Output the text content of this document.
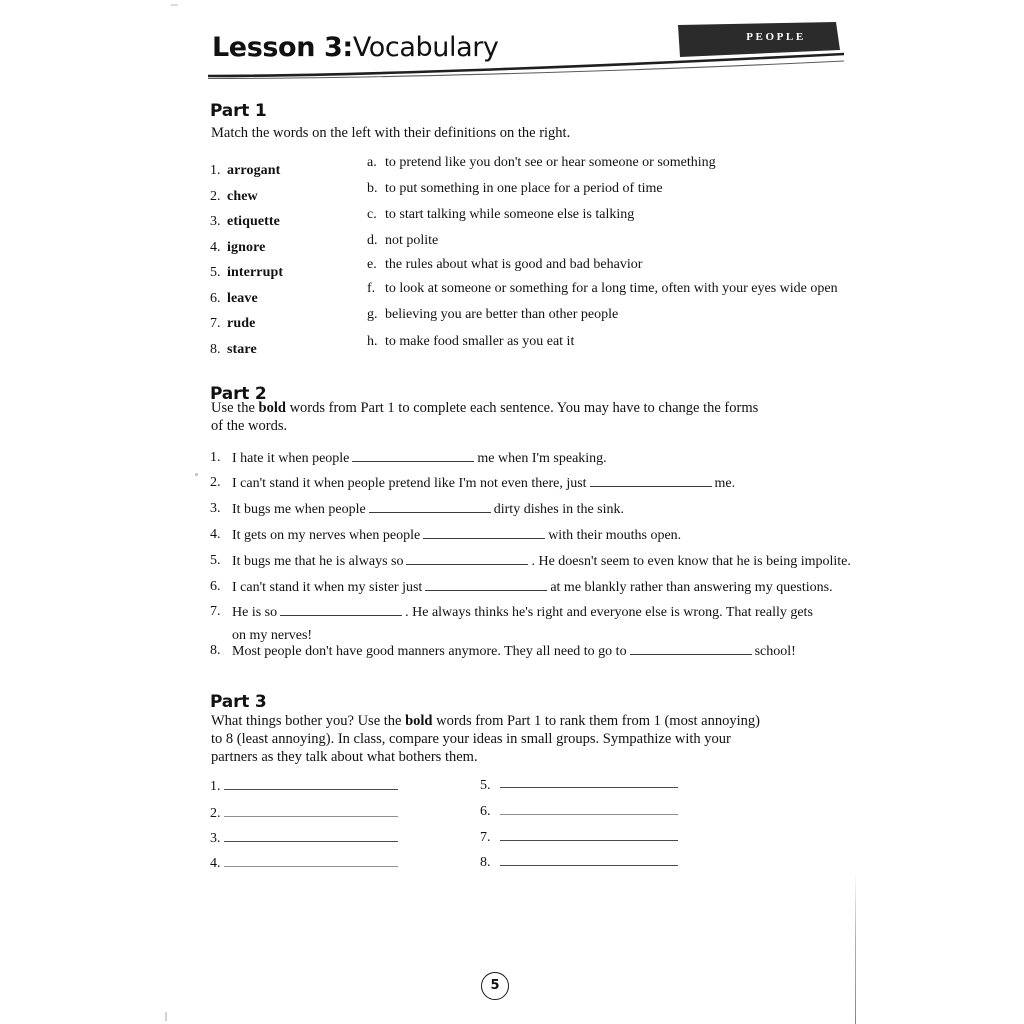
Lesson 3:Vocabulary	PEOPLE
Part 1
Match the words on the left with their definitions on the right.
1. arrogant
2. chew
3. etiquette
4. ignore
5. interrupt
6. leave
7. rude
8. stare
a. to pretend like you don't see or hear someone or something
b. to put something in one place for a period of time
c. to start talking while someone else is talking
d. not polite
e. the rules about what is good and bad behavior
f. to look at someone or something for a long time, often with your eyes wide open
g. believing you are better than other people
h. to make food smaller as you eat it
Part 2
Use the bold words from Part 1 to complete each sentence. You may have to change the forms of the words.
1. I hate it when people	me when I'm speaking.
2. I can't stand it when people pretend like I'm not even there, just	me.
3. It bugs me when people	dirty dishes in the sink.
4. It gets on my nerves when people	with their mouths open.
5. It bugs me that he is always so	. He doesn't seem to even know that he is being impolite.
6. I can't stand it when my sister just	at me blankly rather than answering my questions.
7. He is so	. He always thinks he's right and everyone else is wrong. That really gets
on my nerves!
8. Most people don't have good manners anymore. They all need to go to	school!
Part 3
What things bother you? Use the bold words from Part 1 to rank them from 1 (most annoying) to 8 (least annoying). In class, compare your ideas in small groups. Sympathize with your partners as they talk about what bothers them.
1.
2.
3.
4.
5.
6.
7.
8.
5
